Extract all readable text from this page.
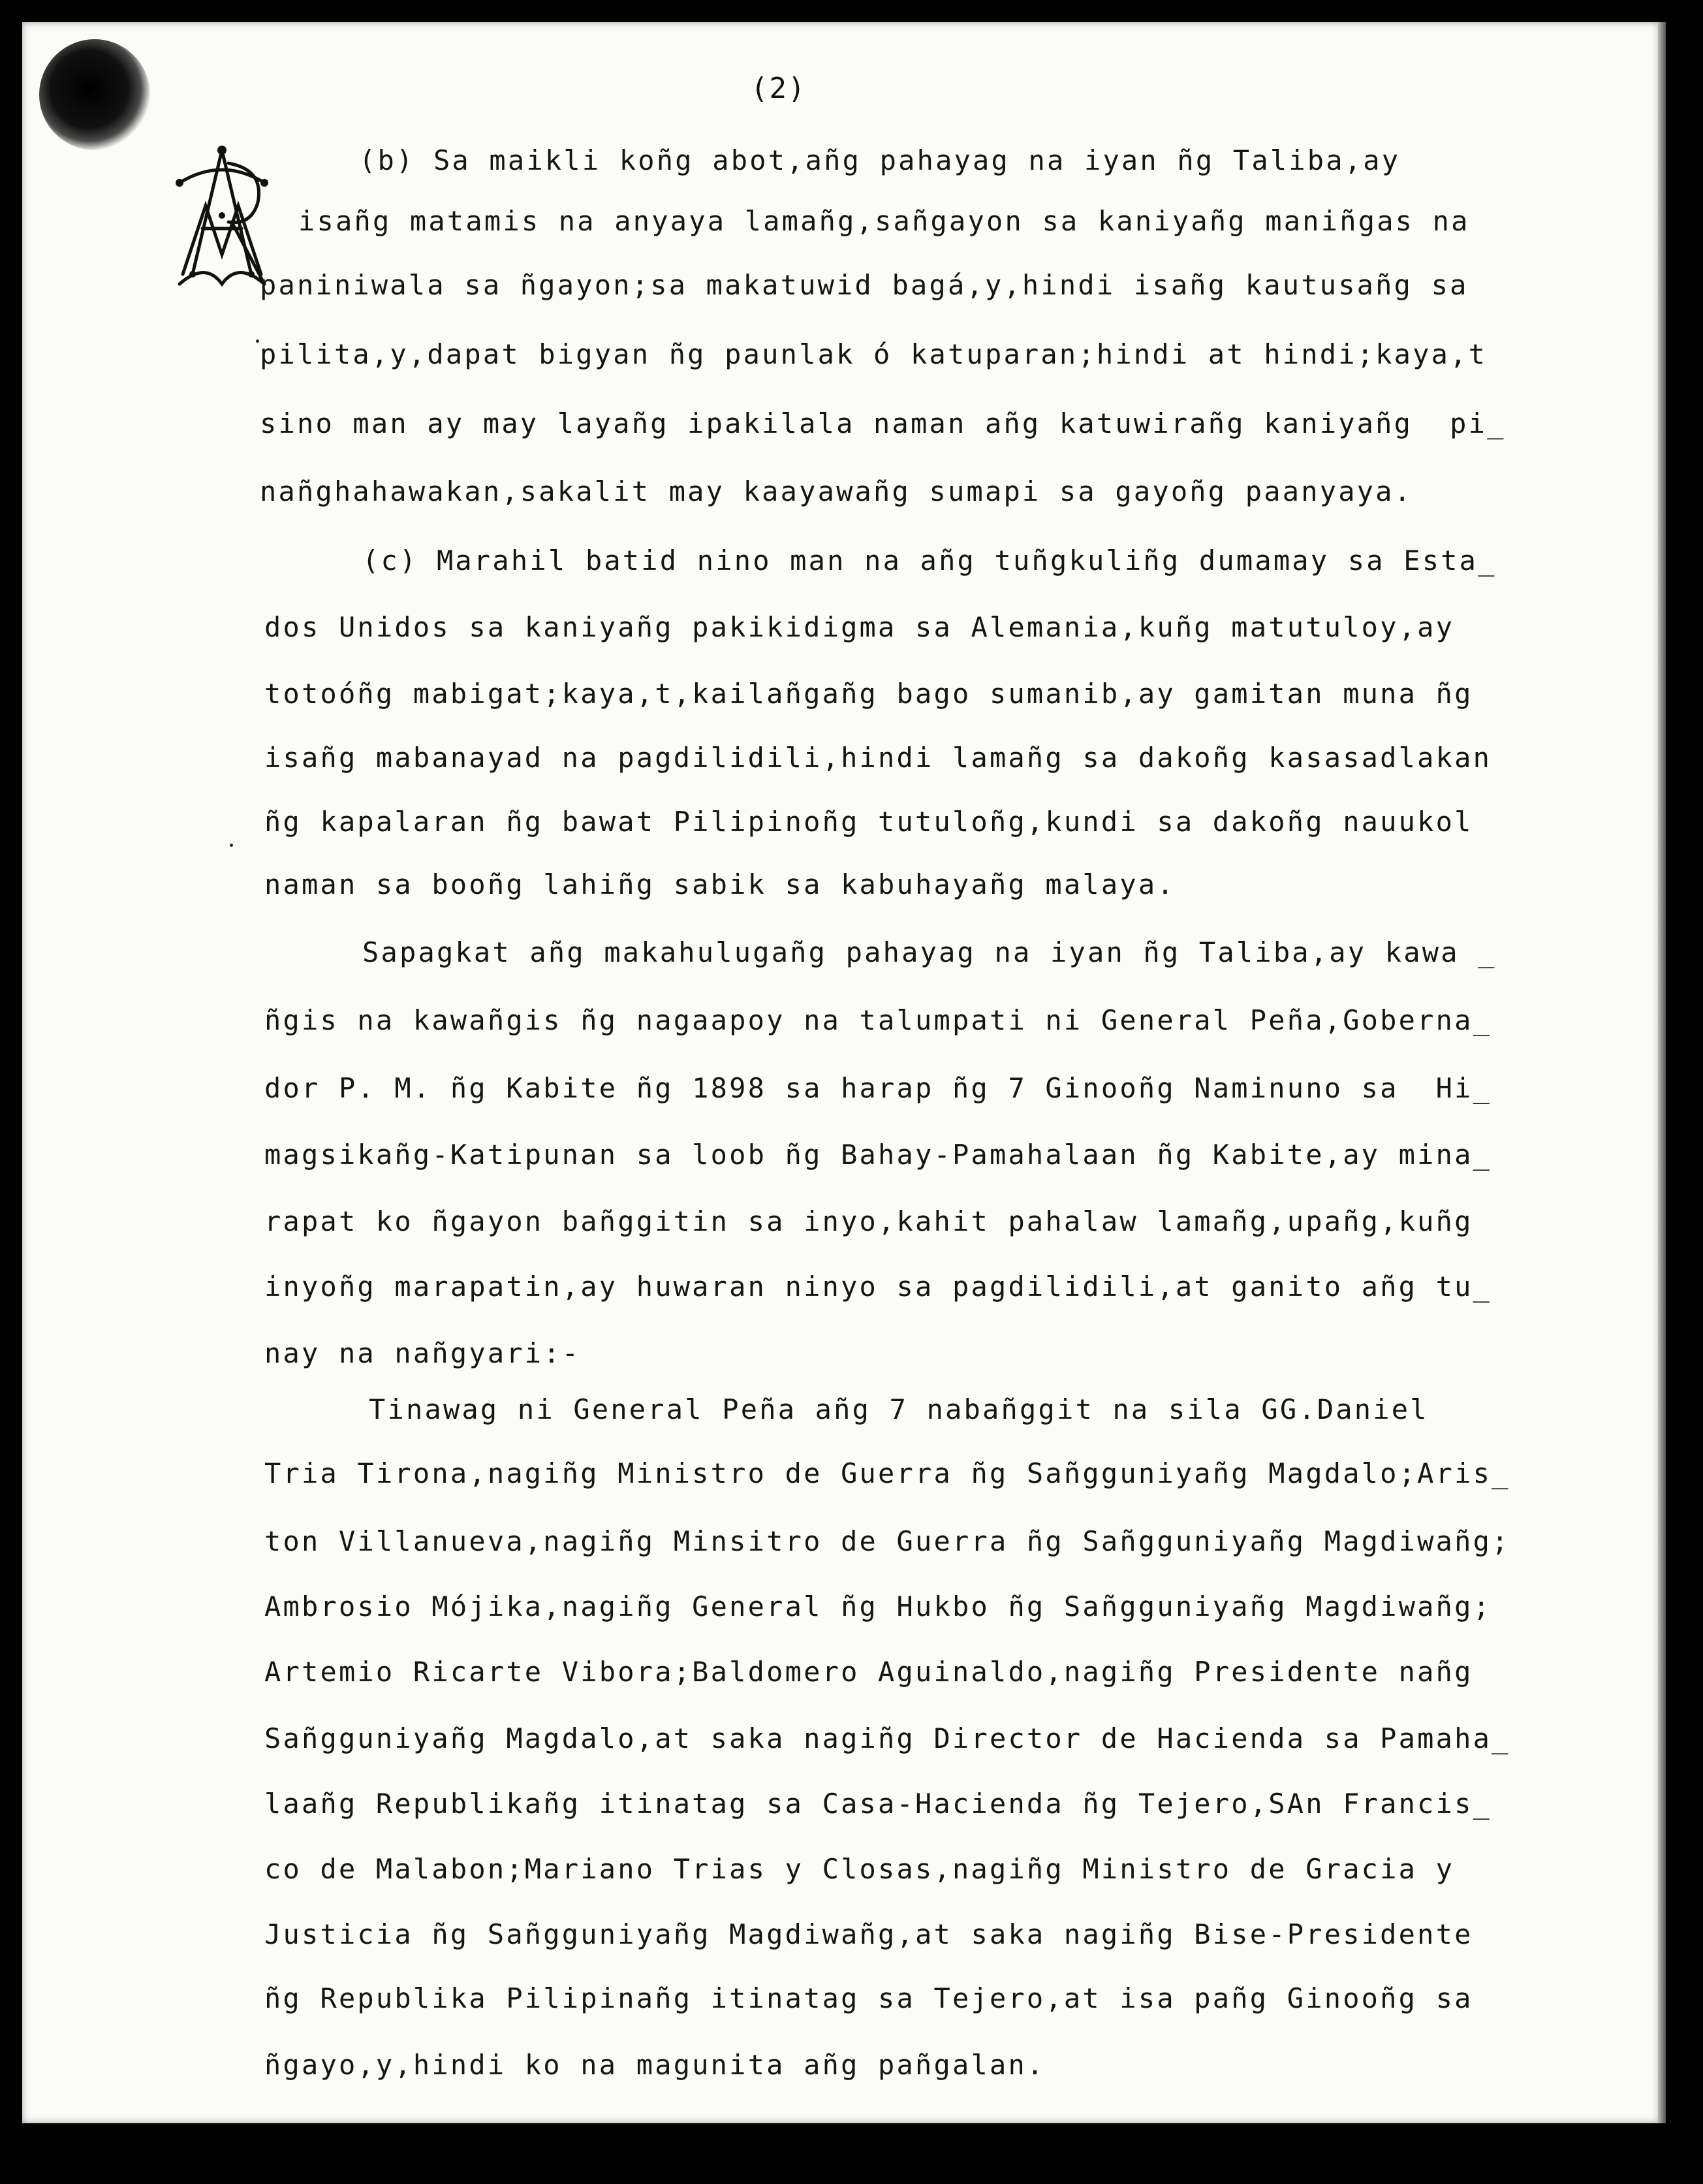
(2)
(b) Sa maikli koñg abot,añg pahayag na iyan ñg Taliba,ay
isañg matamis na anyaya lamañg,sañgayon sa kaniyañg maniñgas na
paniniwala sa ñgayon;sa makatuwid bagá,y,hindi isañg kautusañg sa
pilita,y,dapat bigyan ñg paunlak ó katuparan;hindi at hindi;kaya,t
sino man ay may layañg ipakilala naman añg katuwirañg kaniyañg  pi_
nañghahawakan,sakalit may kaayawañg sumapi sa gayoñg paanyaya.
(c) Marahil batid nino man na añg tuñgkuliñg dumamay sa Esta_
dos Unidos sa kaniyañg pakikidigma sa Alemania,kuñg matutuloy,ay
totoóñg mabigat;kaya,t,kailañgañg bago sumanib,ay gamitan muna ñg
isañg mabanayad na pagdilidili,hindi lamañg sa dakoñg kasasadlakan
ñg kapalaran ñg bawat Pilipinoñg tutuloñg,kundi sa dakoñg nauukol
naman sa booñg lahiñg sabik sa kabuhayañg malaya.
Sapagkat añg makahulugañg pahayag na iyan ñg Taliba,ay kawa _
ñgis na kawañgis ñg nagaapoy na talumpati ni General Peña,Goberna_
dor P. M. ñg Kabite ñg 1898 sa harap ñg 7 Ginooñg Naminuno sa  Hi_
magsikañg-Katipunan sa loob ñg Bahay-Pamahalaan ñg Kabite,ay mina_
rapat ko ñgayon bañggitin sa inyo,kahit pahalaw lamañg,upañg,kuñg
inyoñg marapatin,ay huwaran ninyo sa pagdilidili,at ganito añg tu_
nay na nañgyari:-
Tinawag ni General Peña añg 7 nabañggit na sila GG.Daniel
Tria Tirona,nagiñg Ministro de Guerra ñg Sañgguniyañg Magdalo;Aris_
ton Villanueva,nagiñg Minsitro de Guerra ñg Sañgguniyañg Magdiwañg;
Ambrosio Mójika,nagiñg General ñg Hukbo ñg Sañgguniyañg Magdiwañg;
Artemio Ricarte Vibora;Baldomero Aguinaldo,nagiñg Presidente nañg
Sañgguniyañg Magdalo,at saka nagiñg Director de Hacienda sa Pamaha_
laañg Republikañg itinatag sa Casa-Hacienda ñg Tejero,SAn Francis_
co de Malabon;Mariano Trias y Closas,nagiñg Ministro de Gracia y
Justicia ñg Sañgguniyañg Magdiwañg,at saka nagiñg Bise-Presidente
ñg Republika Pilipinañg itinatag sa Tejero,at isa pañg Ginooñg sa
ñgayo,y,hindi ko na magunita añg pañgalan.
